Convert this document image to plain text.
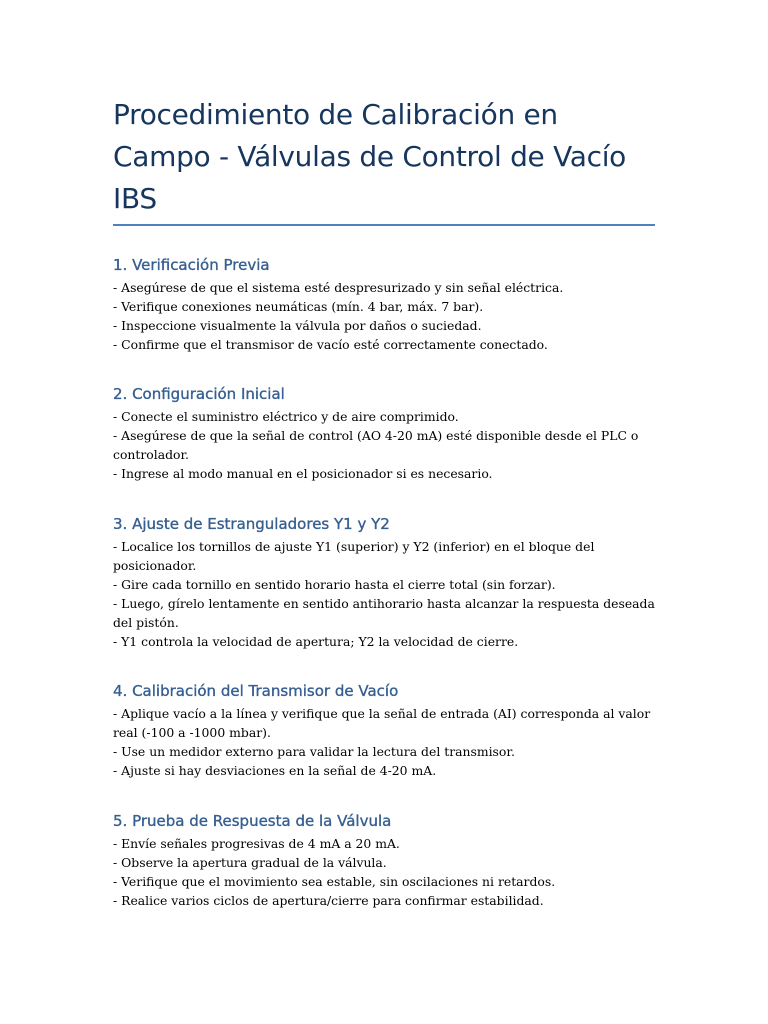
Procedimiento de Calibración en Campo - Válvulas de Control de Vacío IBS
1. Verificación Previa
- Asegúrese de que el sistema esté despresurizado y sin señal eléctrica.
- Verifique conexiones neumáticas (mín. 4 bar, máx. 7 bar).
- Inspeccione visualmente la válvula por daños o suciedad.
- Confirme que el transmisor de vacío esté correctamente conectado.
2. Configuración Inicial
- Conecte el suministro eléctrico y de aire comprimido.
- Asegúrese de que la señal de control (AO 4-20 mA) esté disponible desde el PLC o controlador.
- Ingrese al modo manual en el posicionador si es necesario.
3. Ajuste de Estranguladores Y1 y Y2
- Localice los tornillos de ajuste Y1 (superior) y Y2 (inferior) en el bloque del posicionador.
- Gire cada tornillo en sentido horario hasta el cierre total (sin forzar).
- Luego, gírelo lentamente en sentido antihorario hasta alcanzar la respuesta deseada del pistón.
- Y1 controla la velocidad de apertura; Y2 la velocidad de cierre.
4. Calibración del Transmisor de Vacío
- Aplique vacío a la línea y verifique que la señal de entrada (AI) corresponda al valor real (-100 a -1000 mbar).
- Use un medidor externo para validar la lectura del transmisor.
- Ajuste si hay desviaciones en la señal de 4-20 mA.
5. Prueba de Respuesta de la Válvula
- Envíe señales progresivas de 4 mA a 20 mA.
- Observe la apertura gradual de la válvula.
- Verifique que el movimiento sea estable, sin oscilaciones ni retardos.
- Realice varios ciclos de apertura/cierre para confirmar estabilidad.
